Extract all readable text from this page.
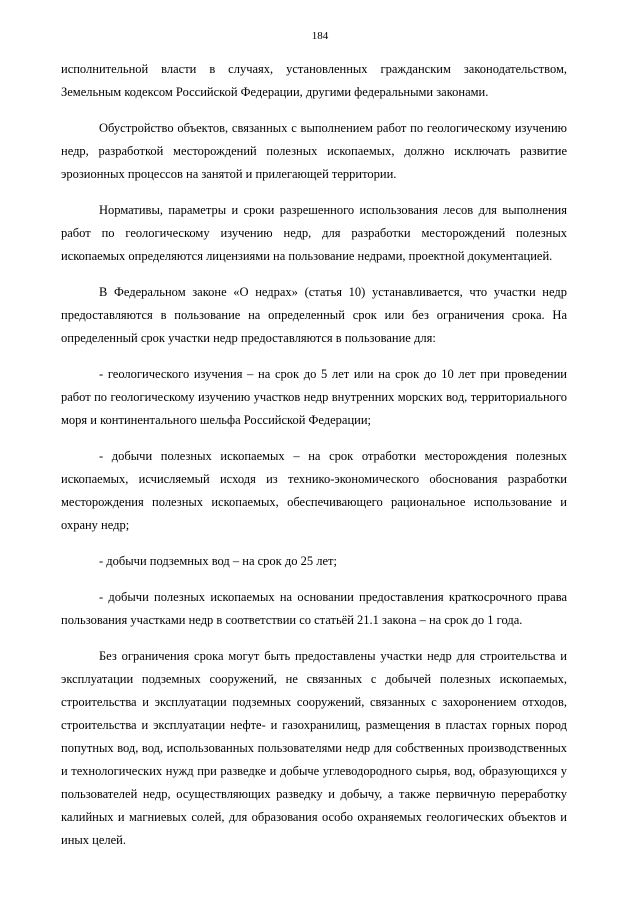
184

исполнительной власти в случаях, установленных гражданским законодательством, Земельным кодексом Российской Федерации, другими федеральными законами.

Обустройство объектов, связанных с выполнением работ по геологическому изучению недр, разработкой месторождений полезных ископаемых, должно исключать развитие эрозионных процессов на занятой и прилегающей территории.

Нормативы, параметры и сроки разрешенного использования лесов для выполнения работ по геологическому изучению недр, для разработки месторождений полезных ископаемых определяются лицензиями на пользование недрами, проектной документацией.

В Федеральном законе «О недрах» (статья 10) устанавливается, что участки недр предоставляются в пользование на определенный срок или без ограничения срока. На определенный срок участки недр предоставляются в пользование для:

- геологического изучения – на срок до 5 лет или на срок до 10 лет при проведении работ по геологическому изучению участков недр внутренних морских вод, территориального моря и континентального шельфа Российской Федерации;

- добычи полезных ископаемых – на срок отработки месторождения полезных ископаемых, исчисляемый исходя из технико-экономического обоснования разработки месторождения полезных ископаемых, обеспечивающего рациональное использование и охрану недр;

- добычи подземных вод – на срок до 25 лет;

- добычи полезных ископаемых на основании предоставления краткосрочного права пользования участками недр в соответствии со статьёй 21.1 закона – на срок до 1 года.

Без ограничения срока могут быть предоставлены участки недр для строительства и эксплуатации подземных сооружений, не связанных с добычей полезных ископаемых, строительства и эксплуатации подземных сооружений, связанных с захоронением отходов, строительства и эксплуатации нефте- и газохранилищ, размещения в пластах горных пород попутных вод, вод, использованных пользователями недр для собственных производственных и технологических нужд при разведке и добыче углеводородного сырья, вод, образующихся у пользователей недр, осуществляющих разведку и добычу, а также первичную переработку калийных и магниевых солей, для образования особо охраняемых геологических объектов и иных целей.
